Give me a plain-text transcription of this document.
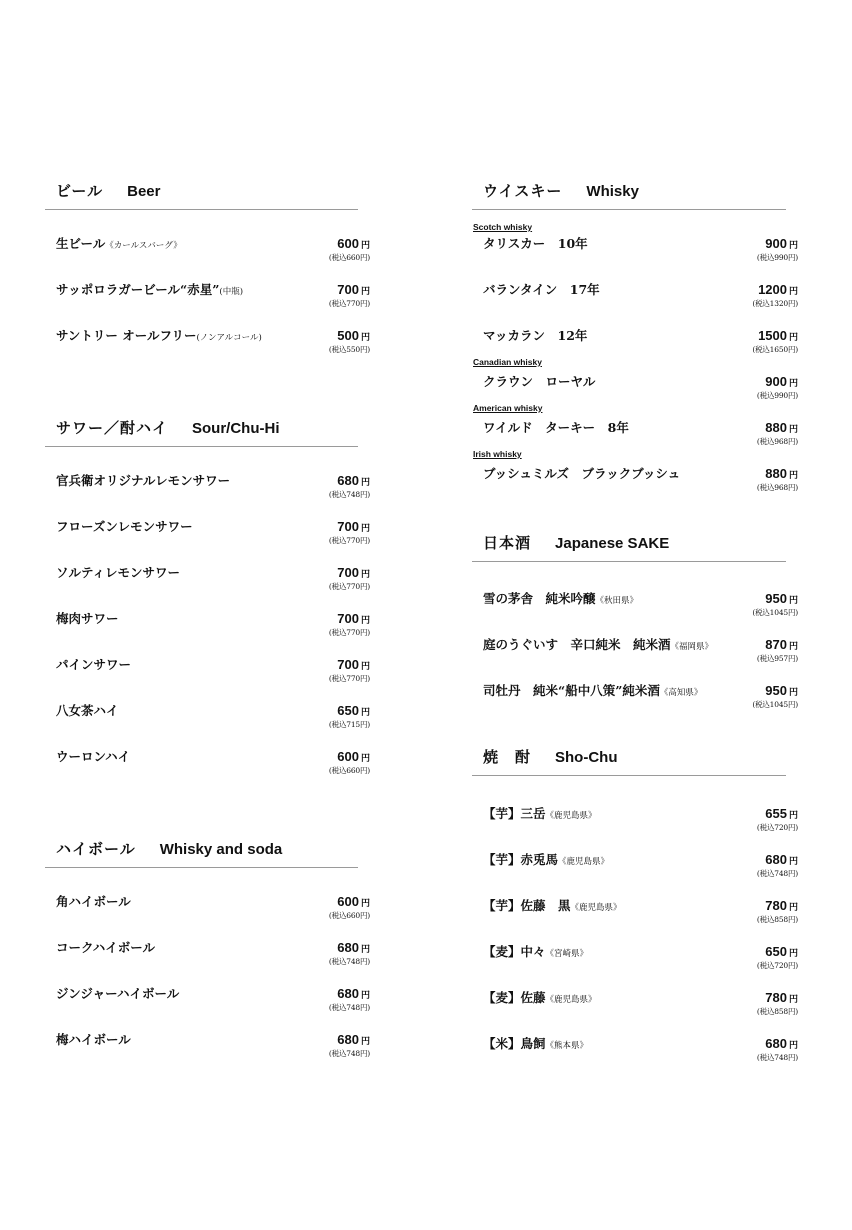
ビール Beer
生ビール《カールスバーグ》	600 円
(税込660円)
サッポロラガービール“赤星”(中瓶)	700 円
(税込770円)
サントリー オールフリー(ノンアルコール)	500 円
(税込550円)
サワー／酎ハイ Sour/Chu-Hi
官兵衛オリジナルレモンサワー	680 円
(税込748円)
フローズンレモンサワー	700 円
(税込770円)
ソルティレモンサワー	700 円
(税込770円)
梅肉サワー	700 円
(税込770円)
パインサワー	700 円
(税込770円)
八女茶ハイ	650 円
(税込715円)
ウーロンハイ	600 円
(税込660円)
ハイボール Whisky and soda
角ハイボール	600 円
(税込660円)
コークハイボール	680 円
(税込748円)
ジンジャーハイボール	680 円
(税込748円)
梅ハイボール	680 円
(税込748円)
ウイスキー Whisky
Scotch whisky
タリスカー　10年	900 円
(税込990円)
バランタイン　17年	1200 円
(税込1320円)
マッカラン　12年	1500 円
(税込1650円)
Canadian whisky
クラウン　ローヤル	900 円
(税込990円)
American whisky
ワイルド　ターキー　8年	880 円
(税込968円)
Irish whisky
ブッシュミルズ　ブラックブッシュ	880 円
(税込968円)
日本酒 Japanese SAKE
雪の茅舎　純米吟醸《秋田県》	950 円
(税込1045円)
庭のうぐいす　辛口純米　純米酒《福岡県》	870 円
(税込957円)
司牡丹　純米“船中八策”純米酒《高知県》	950 円
(税込1045円)
焼　酎 Sho-Chu
【芋】三岳《鹿児島県》	655 円
(税込720円)
【芋】赤兎馬《鹿児島県》	680 円
(税込748円)
【芋】佐藤　黒《鹿児島県》	780 円
(税込858円)
【麦】中々《宮崎県》	650 円
(税込720円)
【麦】佐藤《鹿児島県》	780 円
(税込858円)
【米】鳥飼《熊本県》	680 円
(税込748円)
